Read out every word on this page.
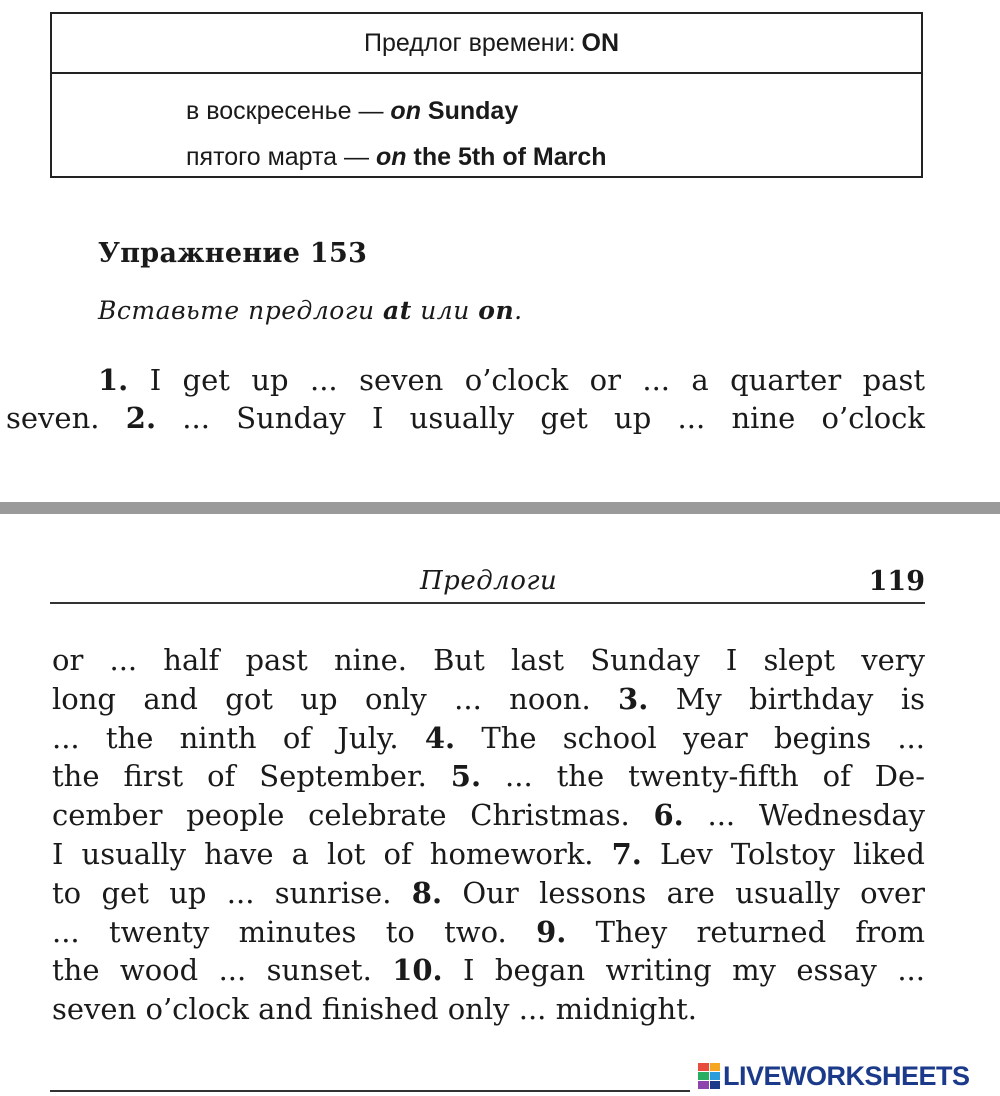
Предлог времени: ON
в воскресенье — on Sunday
пятого марта — on the 5th of March
Упражнение 153
Вставьте предлоги at или on.
1. I get up ... seven o’clock or ... a quarter past
seven. 2. ... Sunday I usually get up ... nine o’clock
Предлоги	119
or ... half past nine. But last Sunday I slept very
long and got up only ... noon. 3. My birthday is
... the ninth of July. 4. The school year begins ...
the first of September. 5. ... the twenty-fifth of De-
cember people celebrate Christmas. 6. ... Wednesday
I usually have a lot of homework. 7. Lev Tolstoy liked
to get up ... sunrise. 8. Our lessons are usually over
... twenty minutes to two. 9. They returned from
the wood ... sunset. 10. I began writing my essay ...
seven o’clock and finished only ... midnight.
LIVEWORKSHEETS
